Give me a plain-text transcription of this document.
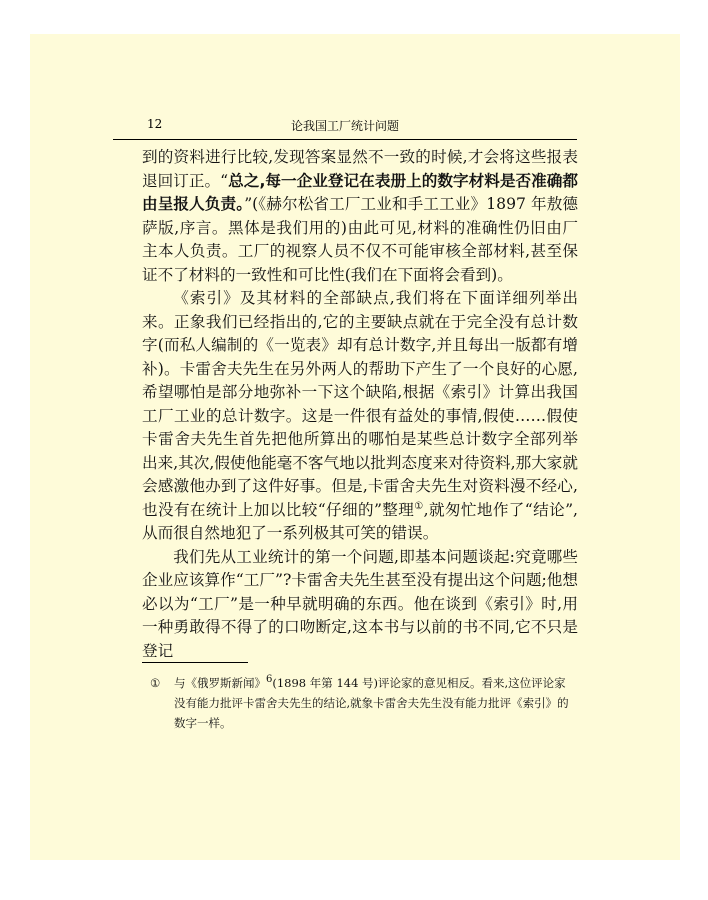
12	论我国工厂统计问题

到的资料进行比较,发现答案显然不一致的时候,才会将这些报表退回订正。“总之,每一企业登记在表册上的数字材料是否准确都由呈报人负责。”(《赫尔松省工厂工业和手工工业》1897 年敖德萨版,序言。黑体是我们用的)由此可见,材料的准确性仍旧由厂主本人负责。工厂的视察人员不仅不可能审核全部材料,甚至保证不了材料的一致性和可比性(我们在下面将会看到)。

《索引》及其材料的全部缺点,我们将在下面详细列举出来。正象我们已经指出的,它的主要缺点就在于完全没有总计数字(而私人编制的《一览表》却有总计数字,并且每出一版都有增补)。卡雷舍夫先生在另外两人的帮助下产生了一个良好的心愿,希望哪怕是部分地弥补一下这个缺陷,根据《索引》计算出我国工厂工业的总计数字。这是一件很有益处的事情,假使……假使卡雷舍夫先生首先把他所算出的哪怕是某些总计数字全部列举出来,其次,假使他能毫不客气地以批判态度来对待资料,那大家就会感激他办到了这件好事。但是,卡雷舍夫先生对资料漫不经心,也没有在统计上加以比较“仔细的”整理①,就匆忙地作了“结论”,从而很自然地犯了一系列极其可笑的错误。

我们先从工业统计的第一个问题,即基本问题谈起:究竟哪些企业应该算作“工厂”?卡雷舍夫先生甚至没有提出这个问题;他想必以为“工厂”是一种早就明确的东西。他在谈到《索引》时,用一种勇敢得不得了的口吻断定,这本书与以前的书不同,它不只是登记

① 与《俄罗斯新闻》6(1898 年第 144 号)评论家的意见相反。看来,这位评论家没有能力批评卡雷舍夫先生的结论,就象卡雷舍夫先生没有能力批评《索引》的数字一样。
